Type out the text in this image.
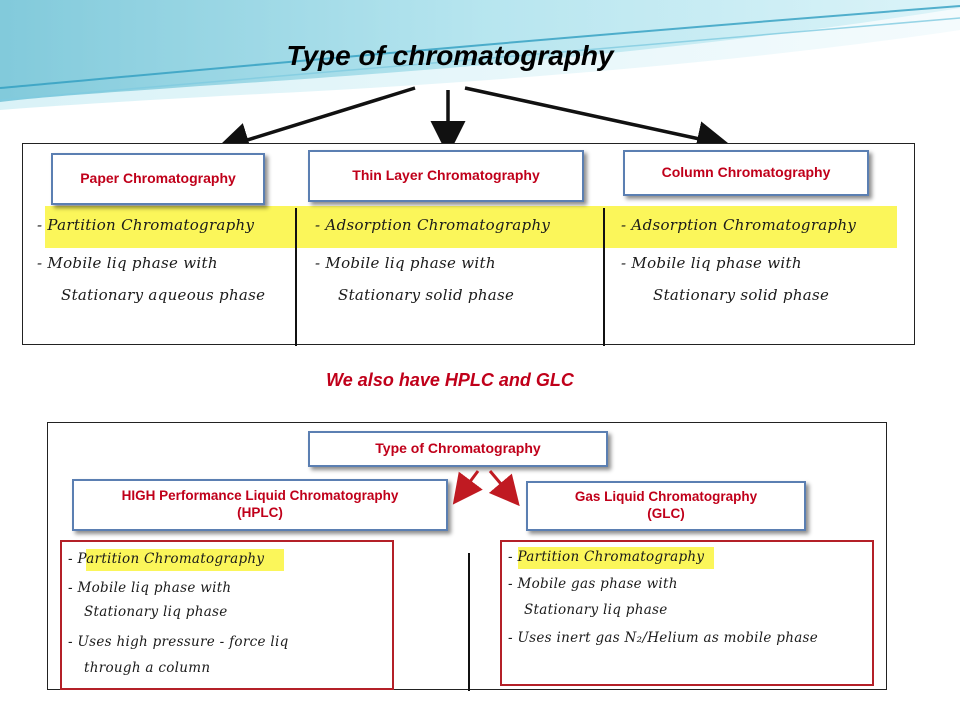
Type of chromatography
Paper Chromatography
- Partition Chromatography
- Mobile liq phase with
Stationary aqueous phase
Thin Layer Chromatography
- Adsorption Chromatography
- Mobile liq phase with
Stationary solid phase
Column Chromatography
- Adsorption Chromatography
- Mobile liq phase with
Stationary solid phase
We also have HPLC and GLC
Type of Chromatography
HIGH Performance Liquid Chromatography
(HPLC)
Gas Liquid Chromatography
(GLC)
- Partition Chromatography
- Mobile liq phase with
Stationary liq phase
- Uses high pressure - force liq
through a column
- Partition Chromatography
- Mobile gas phase with
Stationary liq phase
- Uses inert gas N₂/Helium as mobile phase
